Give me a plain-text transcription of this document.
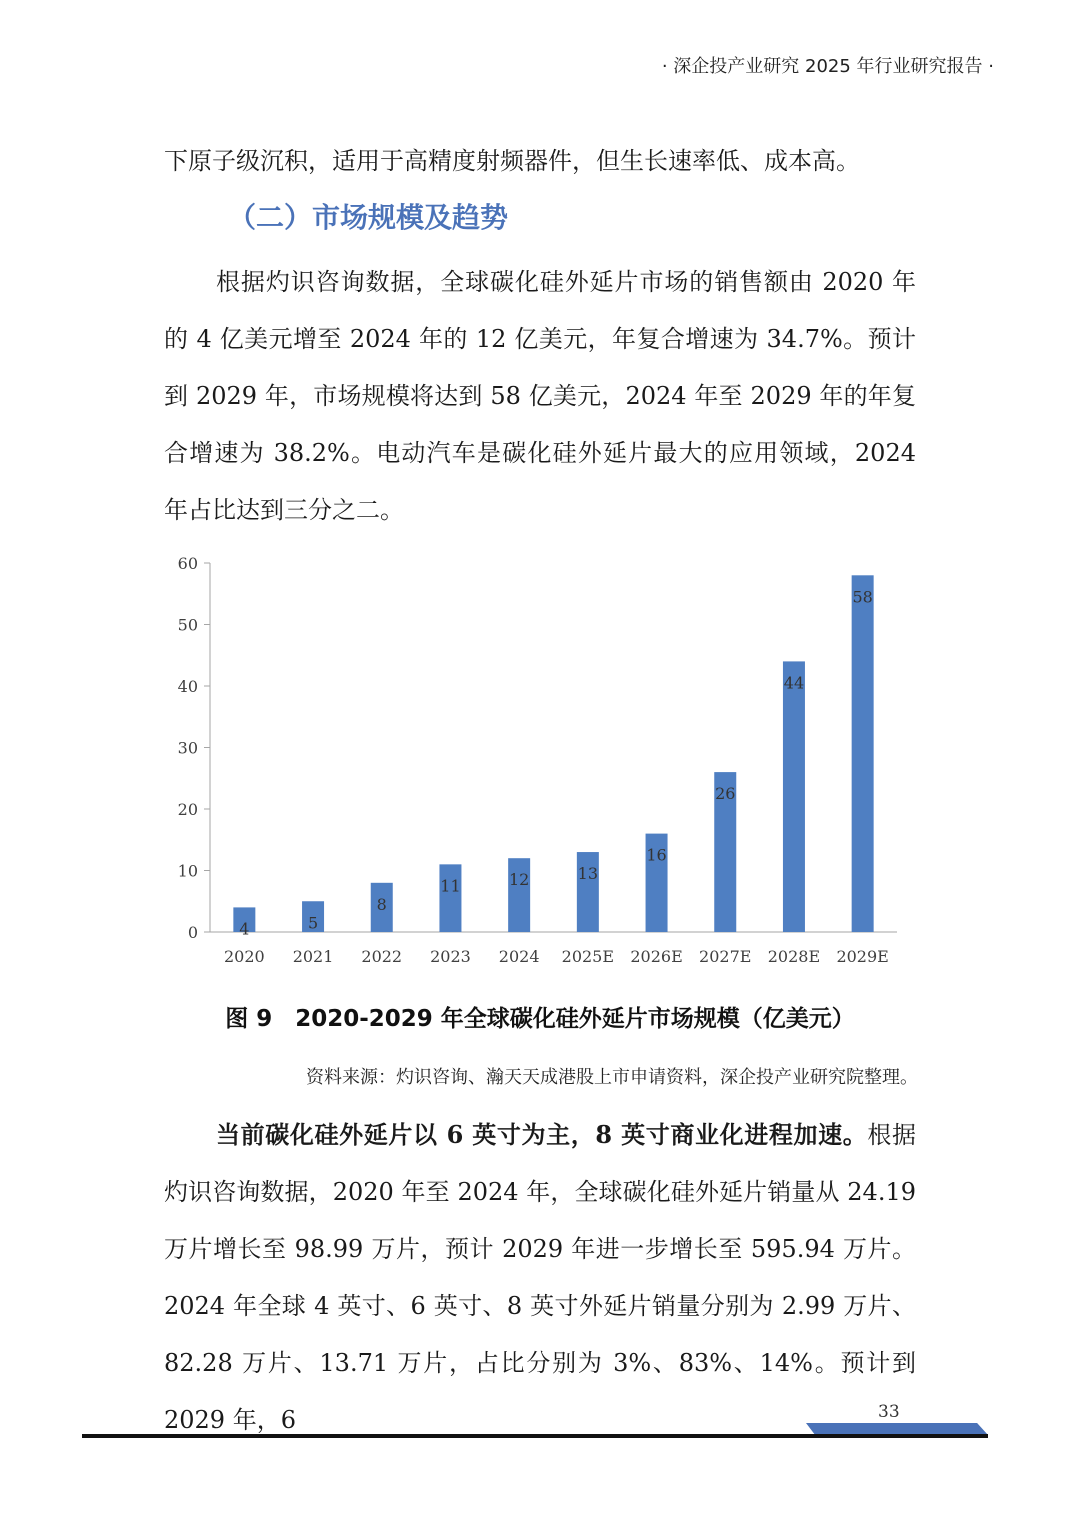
· 深企投产业研究 2025 年行业研究报告 ·

下原子级沉积，适用于高精度射频器件，但生长速率低、成本高。

（二）市场规模及趋势

根据灼识咨询数据，全球碳化硅外延片市场的销售额由 2020 年的 4 亿美元增至 2024 年的 12 亿美元，年复合增速为 34.7%。预计到 2029 年，市场规模将达到 58 亿美元，2024 年至 2029 年的年复合增速为 38.2%。电动汽车是碳化硅外延片最大的应用领域，2024 年占比达到三分之二。

0
10
20
30
40
50
60
4
2020
5
2021
8
2022
11
2023
12
2024
13
2025E
16
2026E
26
2027E
44
2028E
58
2029E
图 9　2020-2029 年全球碳化硅外延片市场规模（亿美元）
资料来源：灼识咨询、瀚天天成港股上市申请资料，深企投产业研究院整理。

当前碳化硅外延片以 6 英寸为主，8 英寸商业化进程加速。根据灼识咨询数据，2020 年至 2024 年，全球碳化硅外延片销量从 24.19 万片增长至 98.99 万片，预计 2029 年进一步增长至 595.94 万片。2024 年全球 4 英寸、6 英寸、8 英寸外延片销量分别为 2.99 万片、82.28 万片、13.71 万片，占比分别为 3%、83%、14%。预计到 2029 年，6	33
